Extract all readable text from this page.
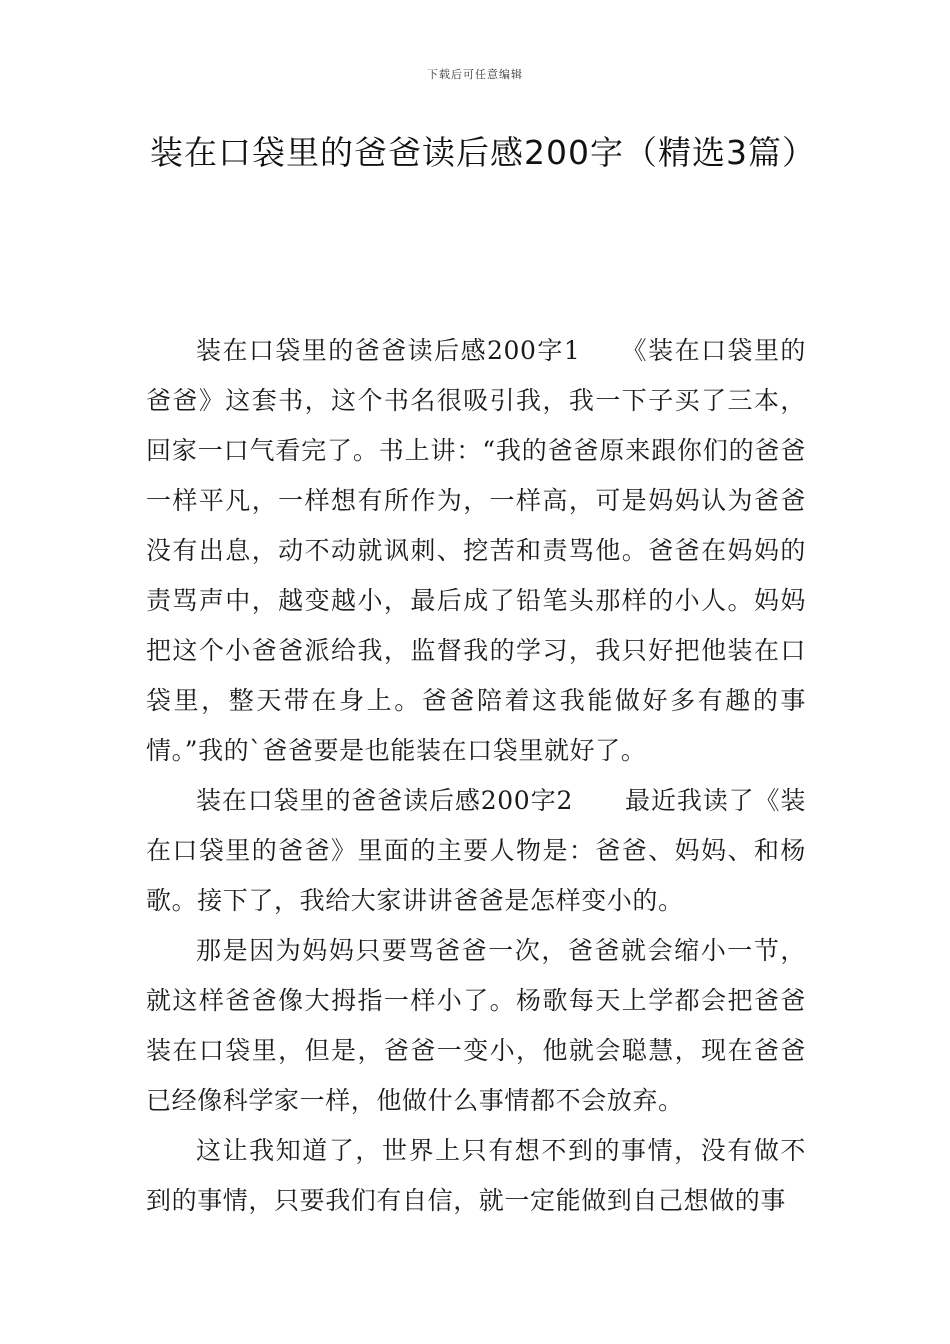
下载后可任意编辑
装在口袋里的爸爸读后感200字（精选3篇）

装在口袋里的爸爸读后感200字1　　《装在口袋里的爸爸》这套书，这个书名很吸引我，我一下子买了三本，回家一口气看完了。书上讲：“我的爸爸原来跟你们的爸爸一样平凡，一样想有所作为，一样高，可是妈妈认为爸爸没有出息，动不动就讽刺、挖苦和责骂他。爸爸在妈妈的责骂声中，越变越小，最后成了铅笔头那样的小人。妈妈把这个小爸爸派给我，监督我的学习，我只好把他装在口袋里，整天带在身上。爸爸陪着这我能做好多有趣的事情。”我的`爸爸要是也能装在口袋里就好了。

装在口袋里的爸爸读后感200字2　　最近我读了《装在口袋里的爸爸》里面的主要人物是：爸爸、妈妈、和杨歌。接下了，我给大家讲讲爸爸是怎样变小的。

那是因为妈妈只要骂爸爸一次，爸爸就会缩小一节，就这样爸爸像大拇指一样小了。杨歌每天上学都会把爸爸装在口袋里，但是，爸爸一变小，他就会聪慧，现在爸爸已经像科学家一样，他做什么事情都不会放弃。

这让我知道了，世界上只有想不到的事情，没有做不到的事情，只要我们有自信，就一定能做到自己想做的事
